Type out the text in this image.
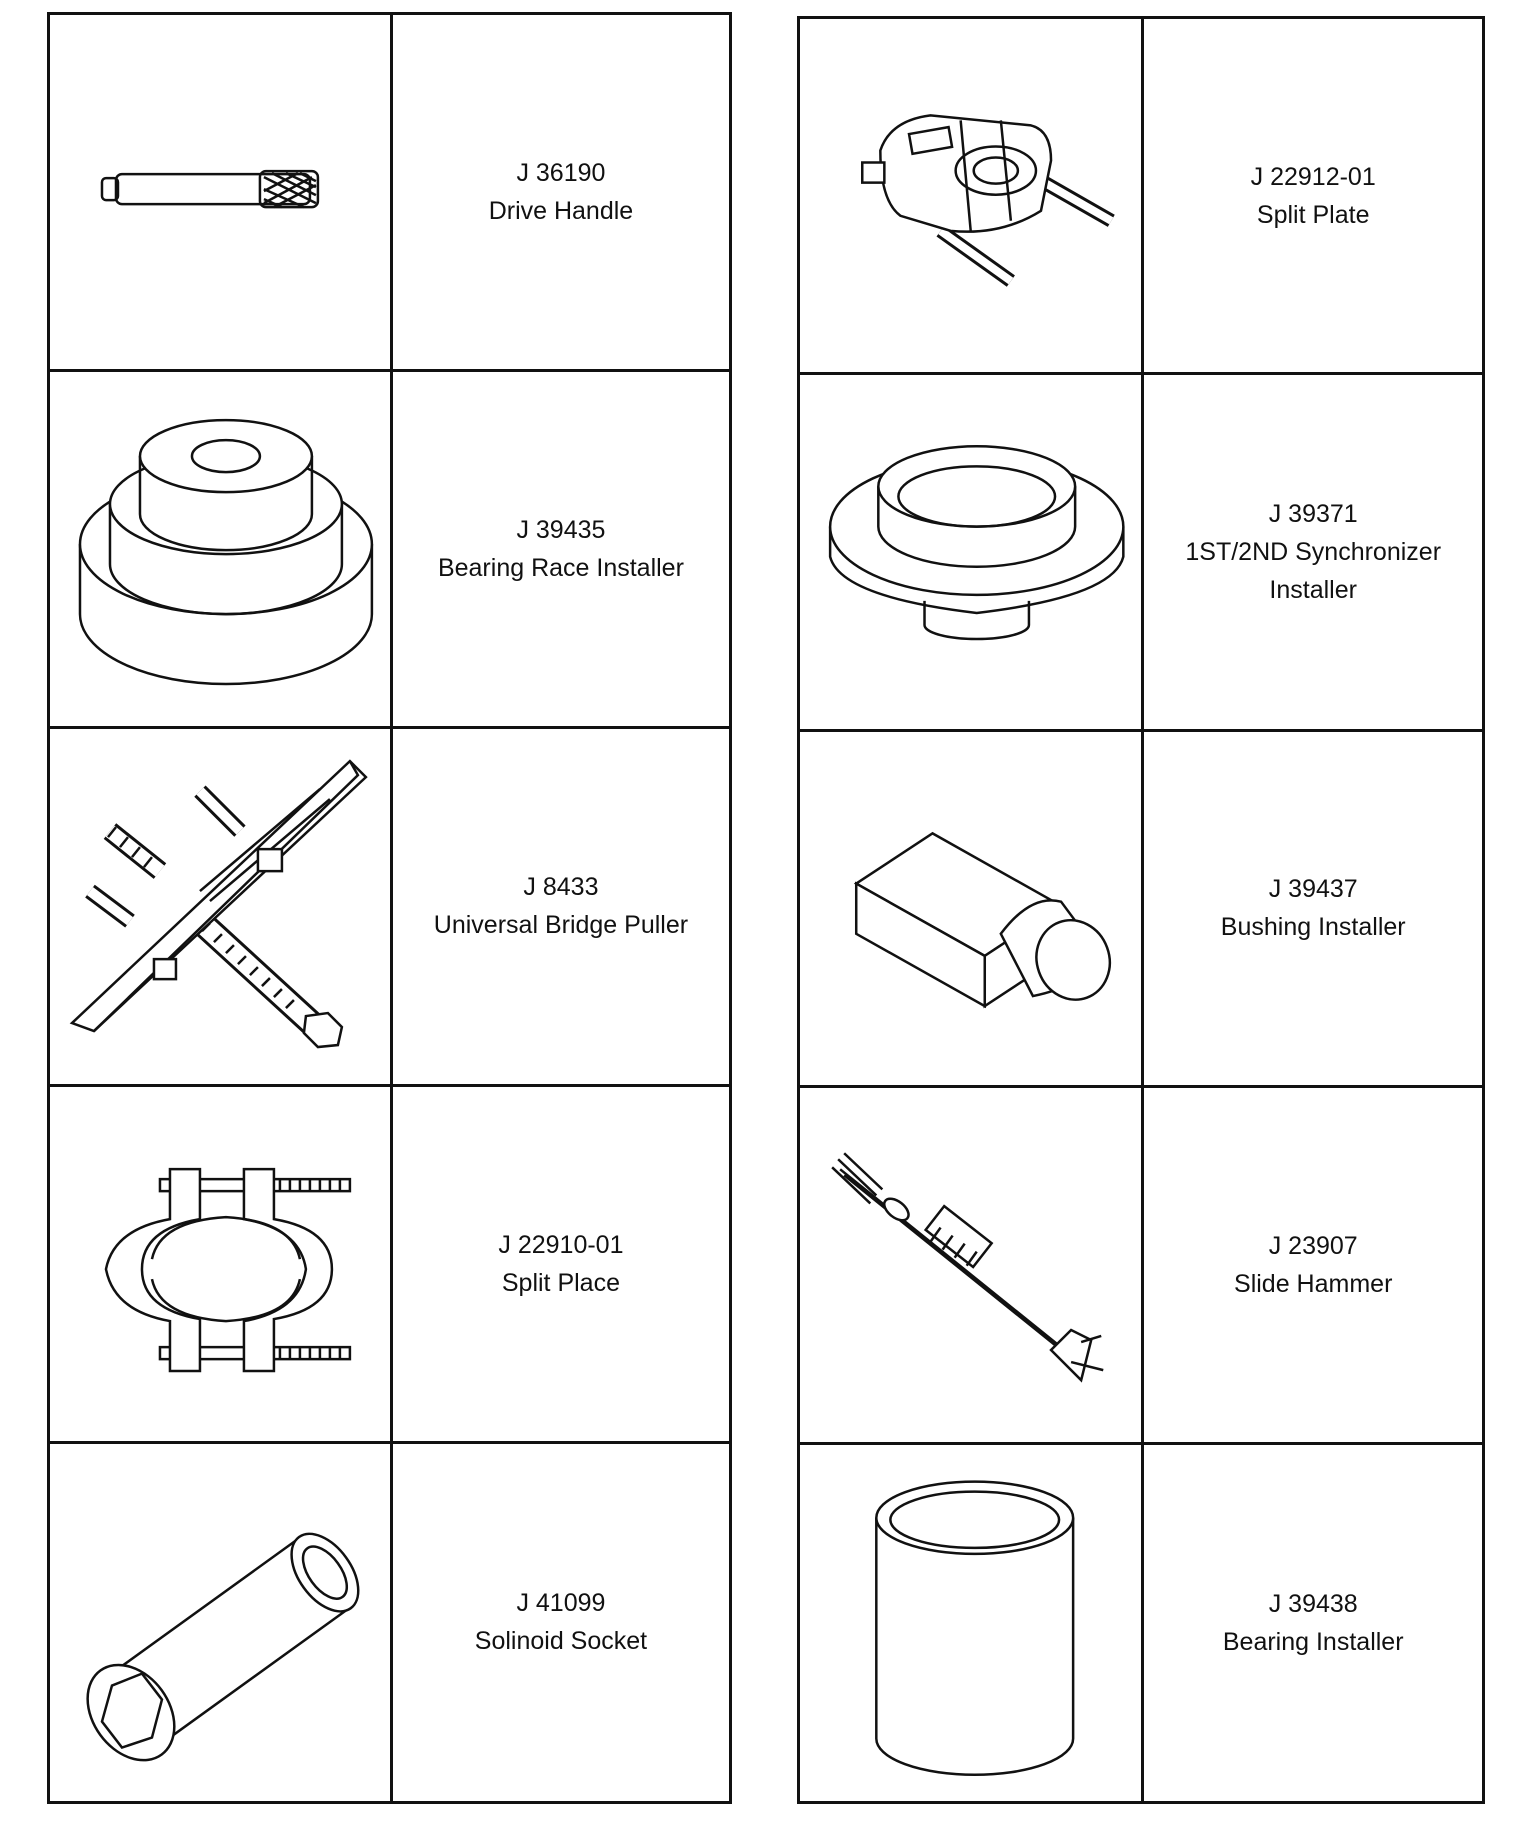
J 36190
Drive Handle
J 39435
Bearing Race Installer
J 8433
Universal Bridge Puller
J 22910-01
Split Place
J 41099
Solinoid Socket
J 22912-01
Split Plate
J 39371
1ST/2ND Synchronizer
Installer
J 39437
Bushing Installer
J 23907
Slide Hammer
J 39438
Bearing Installer
